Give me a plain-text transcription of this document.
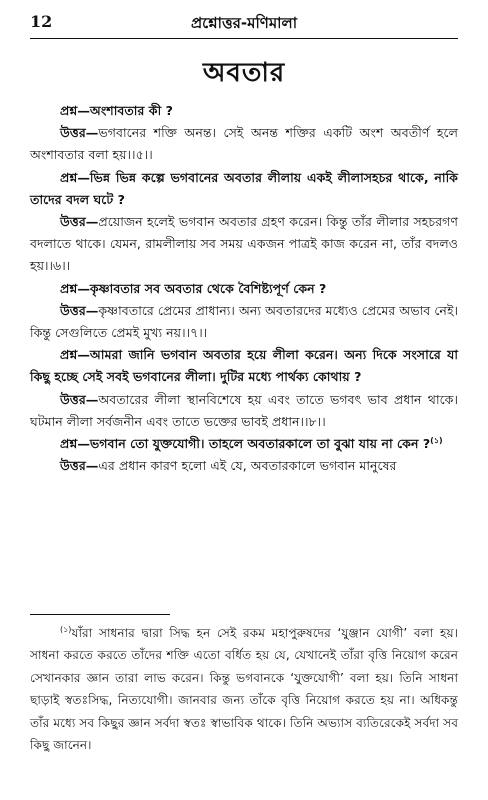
12	প্রশ্নোত্তর-মণিমালা
অবতার

প্রশ্ন—অংশাবতার কী ?

উত্তর—ভগবানের শক্তি অনন্ত। সেই অনন্ত শক্তির একটি অংশ অবতীর্ণ হলে অংশাবতার বলা হয়।।৫।।

প্রশ্ন—ভিন্ন ভিন্ন কল্পে ভগবানের অবতার লীলায় একই লীলাসহচর থাকে, নাকি তাদের বদল ঘটে ?

উত্তর—প্রয়োজন হলেই ভগবান অবতার গ্রহণ করেন। কিন্তু তাঁর লীলার সহচরগণ বদলাতে থাকে। যেমন, রামলীলায় সব সময় একজন পাত্রই কাজ করেন না, তাঁর বদলও হয়।।৬।।

প্রশ্ন—কৃষ্ণাবতার সব অবতার থেকে বৈশিষ্ট্যপূর্ণ কেন ?

উত্তর—কৃষ্ণাবতারে প্রেমের প্রাধান্য। অন্য অবতারদের মধ্যেও প্রেমের অভাব নেই। কিন্তু সেগুলিতে প্রেমই মুখ্য নয়।।৭।।

প্রশ্ন—আমরা জানি ভগবান অবতার হয়ে লীলা করেন। অন্য দিকে সংসারে যা কিছু হচ্ছে সেই সবই ভগবানের লীলা। দুটির মধ্যে পার্থক্য কোথায় ?

উত্তর—অবতারের লীলা স্থানবিশেষে হয় এবং তাতে ভগবৎ ভাব প্রধান থাকে। ঘটমান লীলা সর্বজনীন এবং তাতে ভক্তের ভাবই প্রধান।।৮।।

প্রশ্ন—ভগবান তো যুক্তযোগী। তাহলে অবতারকালে তা বুঝা যায় না কেন ?$^{(১)}$

উত্তর—এর প্রধান কারণ হলো এই যে, অবতারকালে ভগবান মানুষের

$^{(১)}$যাঁরা সাধনার দ্বারা সিদ্ধ হন সেই রকম মহাপুরুষদের ‘যুঞ্জান যোগী’ বলা হয়। সাধনা করতে করতে তাঁদের শক্তি এতো বর্ধিত হয় যে, যেখানেই তাঁরা বৃত্তি নিয়োগ করেন সেখানকার জ্ঞান তারা লাভ করেন। কিন্তু ভগবানকে ‘যুক্তযোগী’ বলা হয়। তিনি সাধনা ছাড়াই স্বতঃসিদ্ধ, নিত্যযোগী। জানবার জন্য তাঁকে বৃত্তি নিয়োগ করতে হয় না। অধিকন্তু তাঁর মধ্যে সব কিছুর জ্ঞান সর্বদা স্বতঃ স্বাভাবিক থাকে। তিনি অভ্যাস ব্যতিরেকেই সর্বদা সব কিছু জানেন।
